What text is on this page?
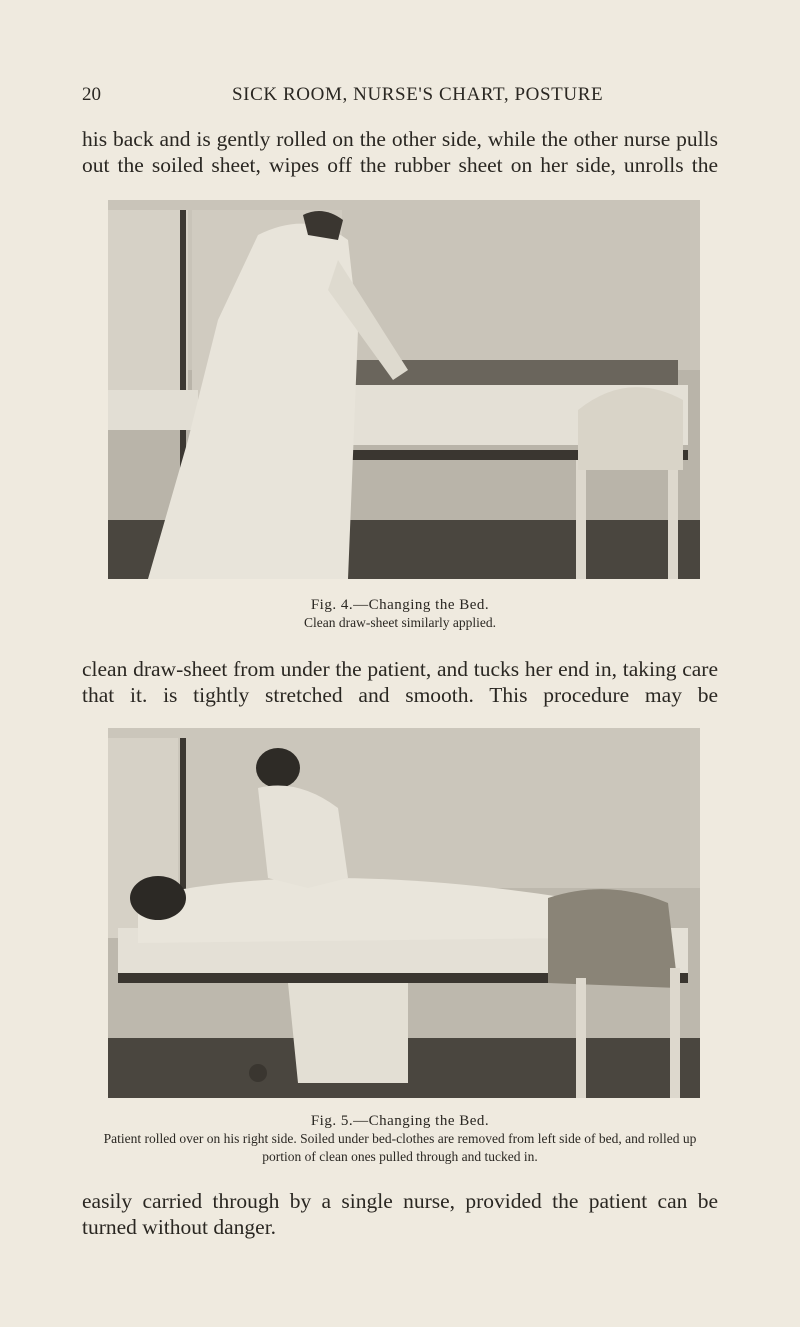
20	SICK ROOM, NURSE'S CHART, POSTURE

his back and is gently rolled on the other side, while the other nurse pulls out the soiled sheet, wipes off the rubber sheet on her side, unrolls the

Fig. 4.—Changing the Bed.
Clean draw-sheet similarly applied.

clean draw-sheet from under the patient, and tucks her end in, taking care that it. is tightly stretched and smooth. This procedure may be

Fig. 5.—Changing the Bed.
Patient rolled over on his right side. Soiled under bed-clothes are removed from left side of bed, and rolled up portion of clean ones pulled through and tucked in.

easily carried through by a single nurse, provided the patient can be turned without danger.
